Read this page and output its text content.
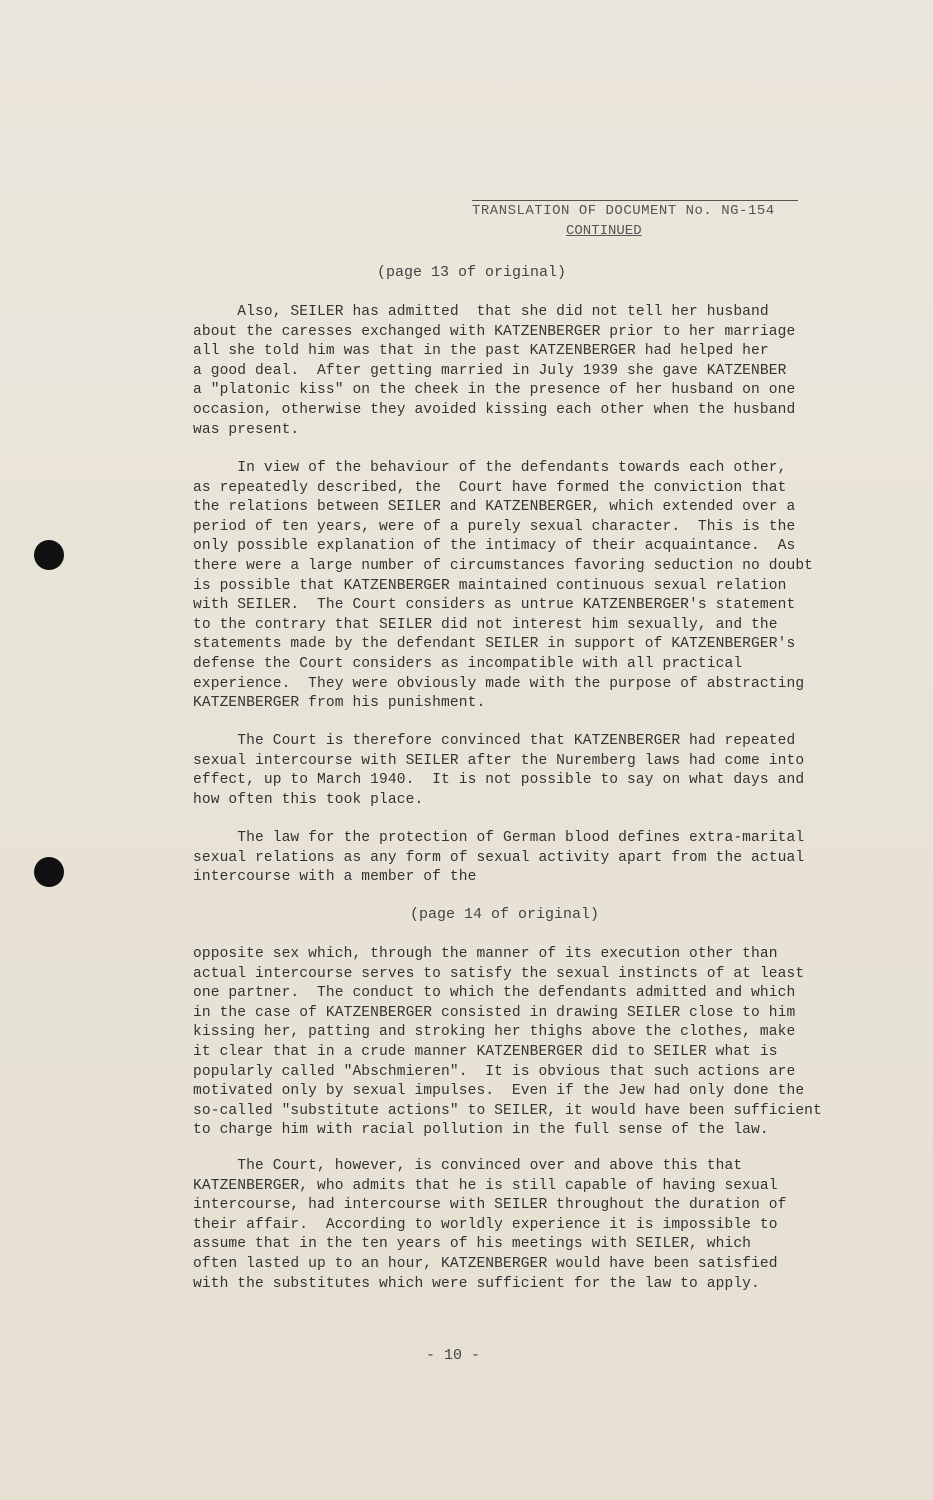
TRANSLATION OF DOCUMENT No. NG-154
CONTINUED
(page 13 of original)
Also, SEILER has admitted  that she did not tell her husband
about the caresses exchanged with KATZENBERGER prior to her marriage
all she told him was that in the past KATZENBERGER had helped her
a good deal.  After getting married in July 1939 she gave KATZENBER
a "platonic kiss" on the cheek in the presence of her husband on one
occasion, otherwise they avoided kissing each other when the husband
was present.
In view of the behaviour of the defendants towards each other,
as repeatedly described, the  Court have formed the conviction that
the relations between SEILER and KATZENBERGER, which extended over a
period of ten years, were of a purely sexual character.  This is the
only possible explanation of the intimacy of their acquaintance.  As
there were a large number of circumstances favoring seduction no doubt
is possible that KATZENBERGER maintained continuous sexual relation
with SEILER.  The Court considers as untrue KATZENBERGER's statement
to the contrary that SEILER did not interest him sexually, and the
statements made by the defendant SEILER in support of KATZENBERGER's
defense the Court considers as incompatible with all practical
experience.  They were obviously made with the purpose of abstracting
KATZENBERGER from his punishment.
The Court is therefore convinced that KATZENBERGER had repeated
sexual intercourse with SEILER after the Nuremberg laws had come into
effect, up to March 1940.  It is not possible to say on what days and
how often this took place.
The law for the protection of German blood defines extra-marital
sexual relations as any form of sexual activity apart from the actual
intercourse with a member of the
(page 14 of original)
opposite sex which, through the manner of its execution other than
actual intercourse serves to satisfy the sexual instincts of at least
one partner.  The conduct to which the defendants admitted and which
in the case of KATZENBERGER consisted in drawing SEILER close to him
kissing her, patting and stroking her thighs above the clothes, make
it clear that in a crude manner KATZENBERGER did to SEILER what is
popularly called "Abschmieren".  It is obvious that such actions are
motivated only by sexual impulses.  Even if the Jew had only done the
so-called "substitute actions" to SEILER, it would have been sufficient
to charge him with racial pollution in the full sense of the law.
The Court, however, is convinced over and above this that
KATZENBERGER, who admits that he is still capable of having sexual
intercourse, had intercourse with SEILER throughout the duration of
their affair.  According to worldly experience it is impossible to
assume that in the ten years of his meetings with SEILER, which
often lasted up to an hour, KATZENBERGER would have been satisfied
with the substitutes which were sufficient for the law to apply.
- 10 -
